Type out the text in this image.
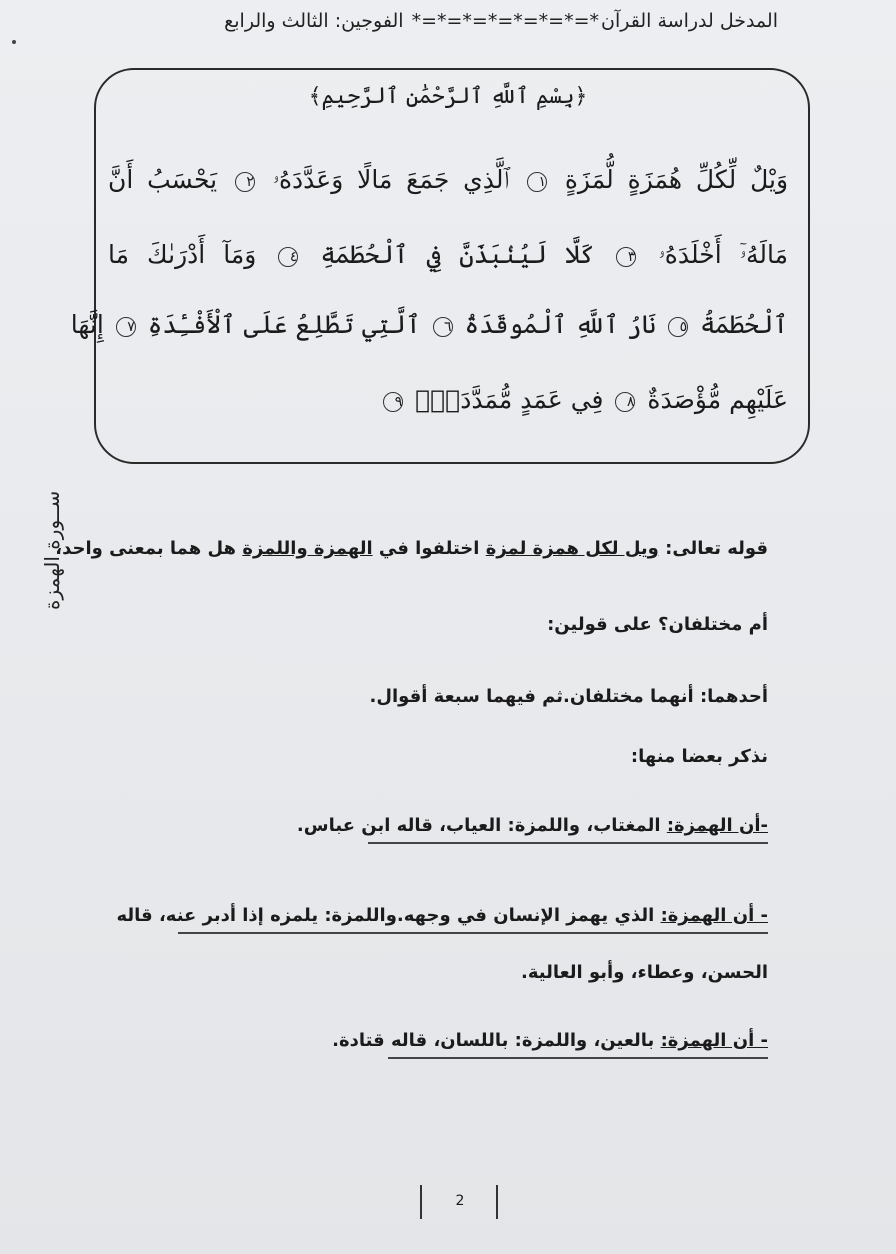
المدخل لدراسة القرآن*=*=*=*=*=*=*=* الفوجين: الثالث والرابع
﴿بِسْمِ ٱللَّهِ ٱلرَّحْمَٰنِ ٱلرَّحِيمِ﴾
وَيْلٌ لِّكُلِّ هُمَزَةٍ لُّمَزَةٍ ١ ٱلَّذِي جَمَعَ مَالًا وَعَدَّدَهُۥ ٢ يَحْسَبُ أَنَّ
مَالَهُۥٓ أَخْلَدَهُۥ ٣ كَلَّا لَيُنۢبَذَنَّ فِي ٱلْحُطَمَةِ ٤ وَمَآ أَدْرَىٰكَ مَا
ٱلْحُطَمَةُ ٥ نَارُ ٱللَّهِ ٱلْمُوقَدَةُ ٦ ٱلَّتِي تَطَّلِعُ عَلَى ٱلْأَفْـِٔدَةِ ٧ إِنَّهَا
عَلَيْهِم مُّؤْصَدَةٌ ٨ فِي عَمَدٍ مُّمَدَّدَةٍۭ ٩
ســورة الهمزة	قوله تعالى: ويل لكل همزة لمزة اختلفوا في الهمزة واللمزة هل هما بمعنى واحد،
أم مختلفان؟ على قولين:
أحدهما: أنهما مختلفان.ثم فيهما سبعة أقوال.
نذكر بعضا منها:
-أن الهمزة: المغتاب، واللمزة: العياب، قاله ابن عباس.
- أن الهمزة: الذي يهمز الإنسان في وجهه.واللمزة: يلمزه إذا أدبر عنه، قاله
الحسن، وعطاء، وأبو العالية.
- أن الهمزة: بالعين، واللمزة: باللسان، قاله قتادة.
2
